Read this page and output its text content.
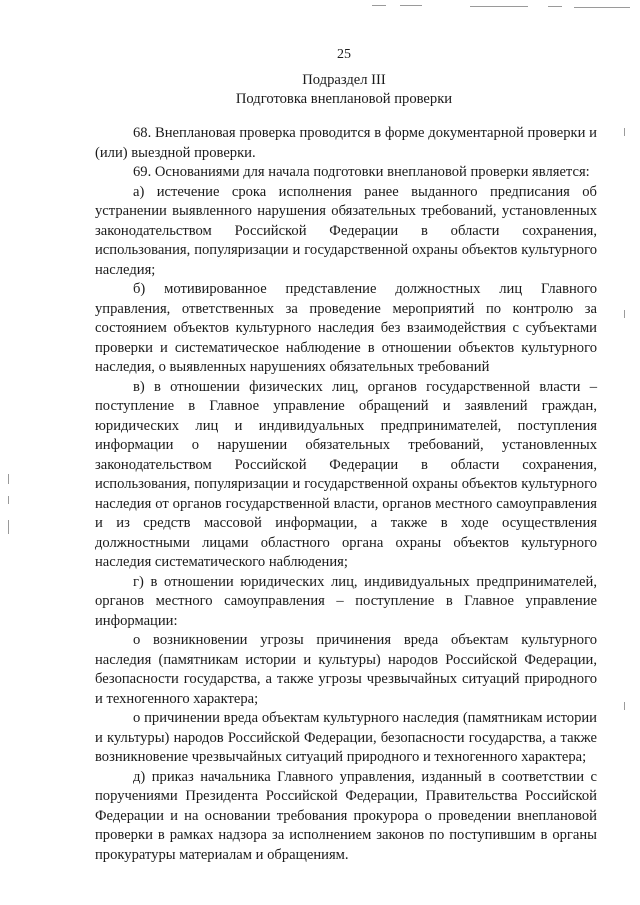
25
Подраздел III
Подготовка внеплановой проверки

68. Внеплановая проверка проводится в форме документарной проверки и (или) выездной проверки.

69. Основаниями для начала подготовки внеплановой проверки является:

а) истечение срока исполнения ранее выданного предписания об устранении выявленного нарушения обязательных требований, установленных законодательством Российской Федерации в области сохранения, использования, популяризации и государственной охраны объектов культурного наследия;

б) мотивированное представление должностных лиц Главного управления, ответственных за проведение мероприятий по контролю за состоянием объектов культурного наследия без взаимодействия с субъектами проверки и систематическое наблюдение в отношении объектов культурного наследия, о выявленных нарушениях обязательных требований

в) в отношении физических лиц, органов государственной власти – поступление в Главное управление обращений и заявлений граждан, юридических лиц и индивидуальных предпринимателей, поступления информации о нарушении обязательных требований, установленных законодательством Российской Федерации в области сохранения, использования, популяризации и государственной охраны объектов культурного наследия от органов государственной власти, органов местного самоуправления и из средств массовой информации, а также в ходе осуществления должностными лицами областного органа охраны объектов культурного наследия систематического наблюдения;

г) в отношении юридических лиц, индивидуальных предпринимателей, органов местного самоуправления – поступление в Главное управление информации:

о возникновении угрозы причинения вреда объектам культурного наследия (памятникам истории и культуры) народов Российской Федерации, безопасности государства, а также угрозы чрезвычайных ситуаций природного и техногенного характера;

о причинении вреда объектам культурного наследия (памятникам истории и культуры) народов Российской Федерации, безопасности государства, а также возникновение чрезвычайных ситуаций природного и техногенного характера;

д) приказ начальника Главного управления, изданный в соответствии с поручениями Президента Российской Федерации, Правительства Российской Федерации и на основании требования прокурора о проведении внеплановой проверки в рамках надзора за исполнением законов по поступившим в органы прокуратуры материалам и обращениям.
